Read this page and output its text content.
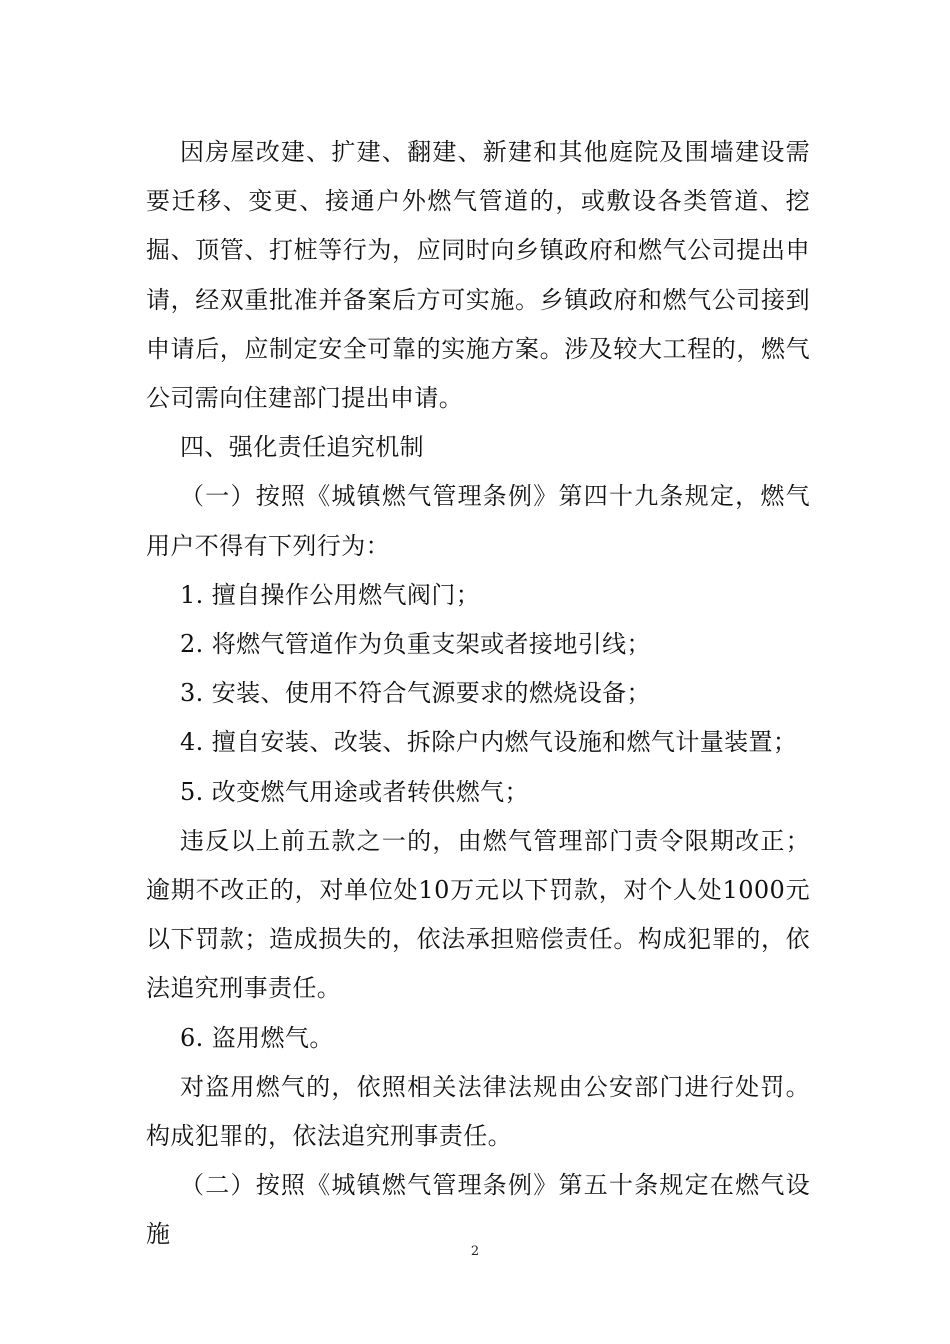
因房屋改建、扩建、翻建、新建和其他庭院及围墙建设需要迁移、变更、接通户外燃气管道的，或敷设各类管道、挖掘、顶管、打桩等行为，应同时向乡镇政府和燃气公司提出申请，经双重批准并备案后方可实施。乡镇政府和燃气公司接到申请后，应制定安全可靠的实施方案。涉及较大工程的，燃气公司需向住建部门提出申请。

四、强化责任追究机制

（一）按照《城镇燃气管理条例》第四十九条规定，燃气用户不得有下列行为：

1. 擅自操作公用燃气阀门；

2. 将燃气管道作为负重支架或者接地引线；

3. 安装、使用不符合气源要求的燃烧设备；

4. 擅自安装、改装、拆除户内燃气设施和燃气计量装置；

5. 改变燃气用途或者转供燃气；

违反以上前五款之一的，由燃气管理部门责令限期改正；逾期不改正的，对单位处10万元以下罚款，对个人处1000元以下罚款；造成损失的，依法承担赔偿责任。构成犯罪的，依法追究刑事责任。

6. 盗用燃气。

对盗用燃气的，依照相关法律法规由公安部门进行处罚。构成犯罪的，依法追究刑事责任。

（二）按照《城镇燃气管理条例》第五十条规定在燃气设施

2
